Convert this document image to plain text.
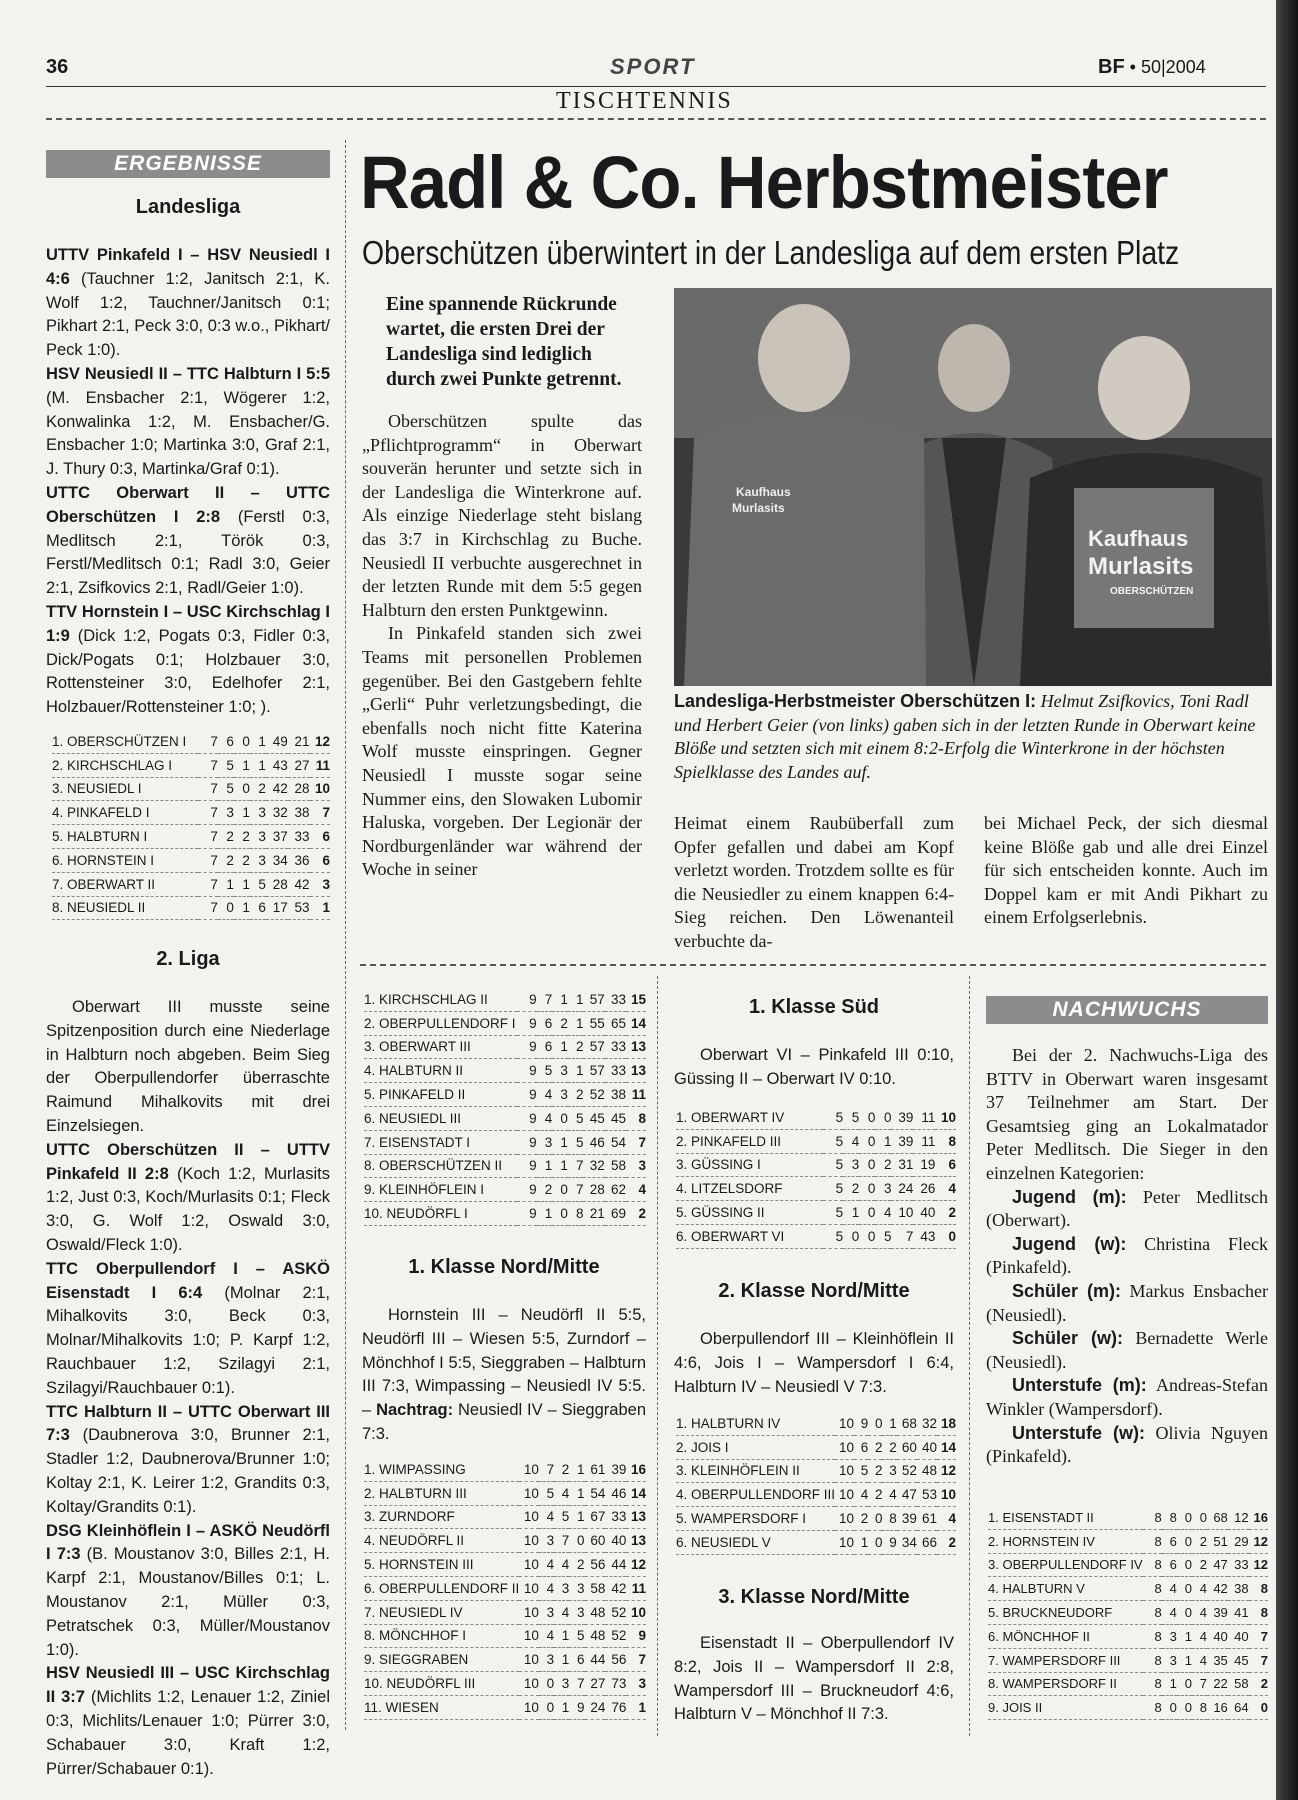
36	SPORT	BF • 50|2004
TISCHTENNIS
ERGEBNISSE
Landesliga

UTTV Pinkafeld I – HSV Neusiedl I 4:6 (Tauchner 1:2, Janitsch 2:1, K. Wolf 1:2, Tauchner/Janitsch 0:1; Pikhart 2:1, Peck 3:0, 0:3 w.o., Pikhart/ Peck 1:0).

HSV Neusiedl II – TTC Halbturn I 5:5 (M. Ensbacher 2:1, Wögerer 1:2, Konwalinka 1:2, M. Ensbacher/G. Ensbacher 1:0; Martinka 3:0, Graf 2:1, J. Thury 0:3, Martinka/Graf 0:1).

UTTC Oberwart II – UTTC Oberschützen I 2:8 (Ferstl 0:3, Medlitsch 2:1, Török 0:3, Ferstl/Medlitsch 0:1; Radl 3:0, Geier 2:1, Zsifkovics 2:1, Radl/Geier 1:0).

TTV Hornstein I – USC Kirchschlag I 1:9 (Dick 1:2, Pogats 0:3, Fidler 0:3, Dick/Pogats 0:1; Holzbauer 3:0, Rottensteiner 3:0, Edelhofer 2:1, Holzbauer/Rottensteiner 1:0; ).

1. OBERSCHÜTZEN I	7	6	0	1	49	21	12
2. KIRCHSCHLAG I	7	5	1	1	43	27	11
3. NEUSIEDL I	7	5	0	2	42	28	10
4. PINKAFELD I	7	3	1	3	32	38	7
5. HALBTURN I	7	2	2	3	37	33	6
6. HORNSTEIN I	7	2	2	3	34	36	6
7. OBERWART II	7	1	1	5	28	42	3
8. NEUSIEDL II	7	0	1	6	17	53	1
2. Liga

Oberwart III musste seine Spitzenposition durch eine Niederlage in Halbturn noch abgeben. Beim Sieg der Oberpullendorfer überraschte Raimund Mihalkovits mit drei Einzelsiegen.

UTTC Oberschützen II – UTTV Pinkafeld II 2:8 (Koch 1:2, Murlasits 1:2, Just 0:3, Koch/Murlasits 0:1; Fleck 3:0, G. Wolf 1:2, Oswald 3:0, Oswald/Fleck 1:0).

TTC Oberpullendorf I – ASKÖ Eisenstadt I 6:4 (Molnar 2:1, Mihalkovits 3:0, Beck 0:3, Molnar/Mihalkovits 1:0; P. Karpf 1:2, Rauchbauer 1:2, Szilagyi 2:1, Szilagyi/Rauchbauer 0:1).

TTC Halbturn II – UTTC Oberwart III 7:3 (Daubnerova 3:0, Brunner 2:1, Stadler 1:2, Daubnerova/Brunner 1:0; Koltay 2:1, K. Leirer 1:2, Grandits 0:3, Koltay/Grandits 0:1).

DSG Kleinhöflein I – ASKÖ Neudörfl I 7:3 (B. Moustanov 3:0, Billes 2:1, H. Karpf 2:1, Moustanov/Billes 0:1; L. Moustanov 2:1, Müller 0:3, Petratschek 0:3, Müller/Moustanov 1:0).

HSV Neusiedl III – USC Kirchschlag II 3:7 (Michlits 1:2, Lenauer 1:2, Ziniel 0:3, Michlits/Lenauer 1:0; Pürrer 3:0, Schabauer 3:0, Kraft 1:2, Pürrer/Schabauer 0:1).

Radl & Co. Herbstmeister
Oberschützen überwintert in der Landesliga auf dem ersten Platz
Eine spannende Rückrunde wartet, die ersten Drei der Landesliga sind lediglich durch zwei Punkte getrennt.

Oberschützen spulte das „Pflichtprogramm“ in Oberwart souverän herunter und setzte sich in der Landesliga die Winterkrone auf. Als einzige Niederlage steht bislang das 3:7 in Kirchschlag zu Buche. Neusiedl II verbuchte ausgerechnet in der letzten Runde mit dem 5:5 gegen Halbturn den ersten Punktgewinn.

In Pinkafeld standen sich zwei Teams mit personellen Problemen gegenüber. Bei den Gastgebern fehlte „Gerli“ Puhr verletzungsbedingt, die ebenfalls noch nicht fitte Katerina Wolf musste einspringen. Gegner Neusiedl I musste sogar seine Nummer eins, den Slowaken Lubomir Haluska, vorgeben. Der Legionär der Nordburgenländer war während der Woche in seiner

Kaufhaus
Murlasits
Kaufhaus
Murlasits
OBERSCHÜTZEN
Landesliga-Herbstmeister Oberschützen I: Helmut Zsifkovics, Toni Radl und Herbert Geier (von links) gaben sich in der letzten Runde in Oberwart keine Blöße und setzten sich mit einem 8:2-Erfolg die Winterkrone in der höchsten Spielklasse des Landes auf.

Heimat einem Raubüberfall zum Opfer gefallen und dabei am Kopf verletzt worden. Trotzdem sollte es für die Neusiedler zu einem knappen 6:4-Sieg reichen. Den Löwenanteil verbuchte da-

bei Michael Peck, der sich diesmal keine Blöße gab und alle drei Einzel für sich entscheiden konnte. Auch im Doppel kam er mit Andi Pikhart zu einem Erfolgserlebnis.

1. KIRCHSCHLAG II	9	7	1	1	57	33	15
2. OBERPULLENDORF I	9	6	2	1	55	65	14
3. OBERWART III	9	6	1	2	57	33	13
4. HALBTURN II	9	5	3	1	57	33	13
5. PINKAFELD II	9	4	3	2	52	38	11
6. NEUSIEDL III	9	4	0	5	45	45	8
7. EISENSTADT I	9	3	1	5	46	54	7
8. OBERSCHÜTZEN II	9	1	1	7	32	58	3
9. KLEINHÖFLEIN I	9	2	0	7	28	62	4
10. NEUDÖRFL I	9	1	0	8	21	69	2
1. Klasse Nord/Mitte

Hornstein III – Neudörfl II 5:5, Neudörfl III – Wiesen 5:5, Zurndorf – Mönchhof I 5:5, Sieggraben – Halbturn III 7:3, Wimpassing – Neusiedl IV 5:5. – Nachtrag: Neusiedl IV – Sieggraben 7:3.

1. WIMPASSING	10	7	2	1	61	39	16
2. HALBTURN III	10	5	4	1	54	46	14
3. ZURNDORF	10	4	5	1	67	33	13
4. NEUDÖRFL II	10	3	7	0	60	40	13
5. HORNSTEIN III	10	4	4	2	56	44	12
6. OBERPULLENDORF II	10	4	3	3	58	42	11
7. NEUSIEDL IV	10	3	4	3	48	52	10
8. MÖNCHHOF I	10	4	1	5	48	52	9
9. SIEGGRABEN	10	3	1	6	44	56	7
10. NEUDÖRFL III	10	0	3	7	27	73	3
11. WIESEN	10	0	1	9	24	76	1
1. Klasse Süd

Oberwart VI – Pinkafeld III 0:10, Güssing II – Oberwart IV 0:10.

1. OBERWART IV	5	5	0	0	39	11	10
2. PINKAFELD III	5	4	0	1	39	11	8
3. GÜSSING I	5	3	0	2	31	19	6
4. LITZELSDORF	5	2	0	3	24	26	4
5. GÜSSING II	5	1	0	4	10	40	2
6. OBERWART VI	5	0	0	5	7	43	0
2. Klasse Nord/Mitte

Oberpullendorf III – Kleinhöflein II 4:6, Jois I – Wampersdorf I 6:4, Halbturn IV – Neusiedl V 7:3.

1. HALBTURN IV	10	9	0	1	68	32	18
2. JOIS I	10	6	2	2	60	40	14
3. KLEINHÖFLEIN II	10	5	2	3	52	48	12
4. OBERPULLENDORF III	10	4	2	4	47	53	10
5. WAMPERSDORF I	10	2	0	8	39	61	4
6. NEUSIEDL V	10	1	0	9	34	66	2
3. Klasse Nord/Mitte

Eisenstadt II – Oberpullendorf IV 8:2, Jois II – Wampersdorf II 2:8, Wampersdorf III – Bruckneudorf 4:6, Halbturn V – Mönchhof II 7:3.

NACHWUCHS

Bei der 2. Nachwuchs-Liga des BTTV in Oberwart waren insgesamt 37 Teilnehmer am Start. Der Gesamtsieg ging an Lokalmatador Peter Medlitsch. Die Sieger in den einzelnen Kategorien:

Jugend (m): Peter Medlitsch (Oberwart).

Jugend (w): Christina Fleck (Pinkafeld).

Schüler (m): Markus Ensbacher (Neusiedl).

Schüler (w): Bernadette Werle (Neusiedl).

Unterstufe (m): Andreas-Stefan Winkler (Wampersdorf).

Unterstufe (w): Olivia Nguyen (Pinkafeld).

1. EISENSTADT II	8	8	0	0	68	12	16
2. HORNSTEIN IV	8	6	0	2	51	29	12
3. OBERPULLENDORF IV	8	6	0	2	47	33	12
4. HALBTURN V	8	4	0	4	42	38	8
5. BRUCKNEUDORF	8	4	0	4	39	41	8
6. MÖNCHHOF II	8	3	1	4	40	40	7
7. WAMPERSDORF III	8	3	1	4	35	45	7
8. WAMPERSDORF II	8	1	0	7	22	58	2
9. JOIS II	8	0	0	8	16	64	0
